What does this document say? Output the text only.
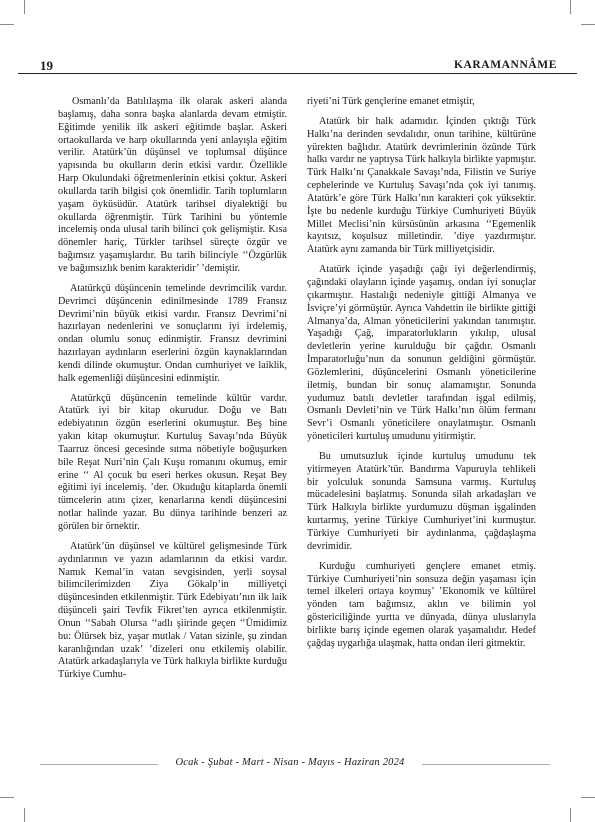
19	KARAMANNÂME

Osmanlı’da Batılılaşma ilk olarak askeri alanda başlamış, daha sonra başka alanlarda devam etmiştir. Eğitimde yenilik ilk askeri eğitimde başlar. Askeri ortaokullarda ve harp okullarında yeni anlayışla eğitim verilir. Atatürk’ün düşünsel ve toplumsal düşünce yapısında bu okulların derin etkisi vardır. Özellikle Harp Okulundaki öğretmenlerinin etkisi çoktur. Askeri okullarda tarih bilgisi çok önemlidir. Tarih toplumların yaşam öyküsüdür. Atatürk tarihsel diyalektiği bu okullarda öğrenmiştir. Türk Tarihini bu yöntemle incelemiş onda ulusal tarih bilinci çok gelişmiştir. Kısa dönemler hariç, Türkler tarihsel süreçte özgür ve bağımsız yaşamışlardır. Bu tarih bilinciyle ‘‘Özgürlük ve bağımsızlık benim karakteridir’ ’demiştir.

Atatürkçü düşüncenin temelinde devrimcilik vardır. Devrimci düşüncenin edinilmesinde 1789 Fransız Devrimi’nin büyük etkisi vardır. Fransız Devrimi’ni hazırlayan nedenlerini ve sonuçlarını iyi irdelemiş, ondan olumlu sonuç edinmiştir. Fransız devrimini hazırlayan aydınların eserlerini özgün kaynaklarından kendi dilinde okumuştur. Ondan cumhuriyet ve laiklik, halk egemenliği düşüncesini edinmiştir.

Atatürkçü düşüncenin temelinde kültür vardır. Atatürk iyi bir kitap okurudur. Doğu ve Batı edebiyatının özgün eserlerini okumuştur. Beş bine yakın kitap okumuştur. Kurtuluş Savaşı’nda Büyük Taarruz öncesi gecesinde sıtma nöbetiyle boğuşurken bile Reşat Nuri’nin Çalı Kuşu romanını okumuş, emir erine ‘‘ Al çocuk bu eseri herkes okusun. Reşat Bey eğitimi iyi incelemiş. ’der. Okuduğu kitaplarda önemli tümcelerin atını çizer, kenarlarına kendi düşüncesini notlar halinde yazar. Bu dünya tarihinde benzeri az görülen bir örnektir.

Atatürk’ün düşünsel ve kültürel gelişmesinde Türk aydınlarının ve yazın adamlarının da etkisi vardır. Namık Kemal’in vatan sevgisinden, yerli soysal bilimcilerimizden Ziya Gökalp’in milliyetçi düşüncesinden etkilenmiştir. Türk Edebiyatı’nın ilk laik düşünceli şairi Tevfik Fikret’ten ayrıca etkilenmiştir. Onun ‘‘Sabah Olursa ‘‘adlı şiirinde geçen ‘‘Ümidimiz bu: Ölürsek biz, yaşar mutlak / Vatan sizinle, şu zindan karanlığından uzak’ ’dizeleri onu etkilemiş olabilir. Atatürk arkadaşlarıyla ve Türk halkıyla birlikte kurduğu Türkiye Cumhu-

riyeti’ni Türk gençlerine emanet etmiştir,

Atatürk bir halk adamıdır. İçinden çıktığı Türk Halkı’na derinden sevdalıdır, onun tarihine, kültürüne yürekten bağlıdır. Atatürk devrimlerinin özünde Türk halkı vardır ne yaptıysa Türk halkıyla birlikte yapmıştır. Türk Halkı’nı Çanakkale Savaşı’nda, Filistin ve Suriye cephelerinde ve Kurtuluş Savaşı’nda çok iyi tanımış. Atatürk’e göre Türk Halkı’nın karakteri çok yüksektir. İşte bu nedenle kurduğu Türkiye Cumhuriyeti Büyük Millet Meclisi’nin kürsüsünün arkasına ‘‘Egemenlik kayıtsız, koşulsuz milletindir. ’diye yazdırmıştır. Atatürk aynı zamanda bir Türk milliyetçisidir.

Atatürk içinde yaşadığı çağı iyi değerlendirmiş, çağındaki olayların içinde yaşamış, ondan iyi sonuçlar çıkarmıştır. Hastalığı nedeniyle gittiği Almanya ve İsviçre’yi görmüştür. Ayrıca Vahdettin ile birlikte gittiği Almanya’da, Alman yöneticilerini yakından tanımıştır. Yaşadığı Çağ, imparatorlukların yıkılıp, ulusal devletlerin yerine kurulduğu bir çağdır. Osmanlı İmparatorluğu’nun da sonunun geldiğini görmüştür. Gözlemlerini, düşüncelerini Osmanlı yöneticilerine iletmiş, bundan bir sonuç alamamıştır. Sonunda yudumuz batılı devletler tarafından işgal edilmiş, Osmanlı Devleti’nin ve Türk Halkı’nın ölüm fermanı Sevr’i Osmanlı yöneticilere onaylatmıştır. Osmanlı yöneticileri kurtuluş umudunu yitirmiştir.

Bu umutsuzluk içinde kurtuluş umudunu tek yitirmeyen Atatürk’tür. Bandırma Vapuruyla tehlikeli bir yolculuk sonunda Samsuna varmış. Kurtuluş mücadelesini başlatmış. Sonunda silah arkadaşları ve Türk Halkıyla birlikte yurdumuzu düşman işgalinden kurtarmış, yerine Türkiye Cumhuriyet’ini kurmuştur. Türkiye Cumhuriyeti bir aydınlanma, çağdaşlaşma devrimidir.

Kurduğu cumhuriyeti gençlere emanet etmiş. Türkiye Cumhuriyeti’nin sonsuza değin yaşaması için temel ilkeleri ortaya koymuş’ ’Ekonomik ve kültürel yönden tam bağımsız, aklın ve bilimin yol göstericiliğinde yurtta ve dünyada, dünya uluslarıyla birlikte barış içinde egemen olarak yaşamalıdır. Hedef çağdaş uygarlığa ulaşmak, hatta ondan ileri gitmektir.

Ocak - Şubat - Mart - Nisan - Mayıs - Haziran 2024
